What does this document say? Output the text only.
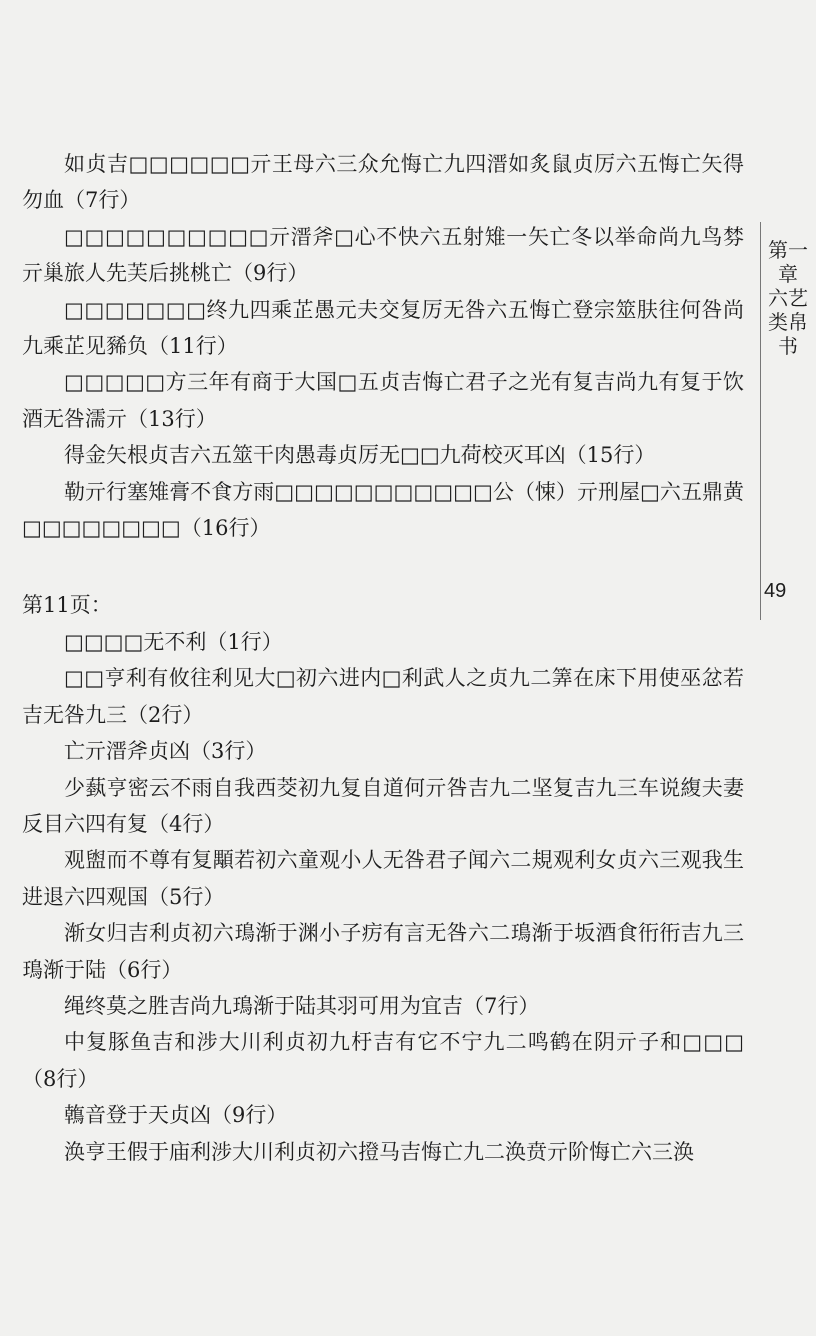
如贞吉□□□□□□亓王母六三众允悔亡九四溍如炙鼠贞厉六五悔亡矢得勿血（7行）

□□□□□□□□□□亓溍斧□心不快六五射雉一矢亡冬以举命尚九鸟棼亓巢旅人先芙后挑桃亡（9行）

□□□□□□□终九四乘芷愚元夫交复厉无咎六五悔亡登宗筮肤往何咎尚九乘芷见豨负（11行）

□□□□□方三年有商于大国□五贞吉悔亡君子之光有复吉尚九有复于饮酒无咎濡亓（13行）

得金矢根贞吉六五筮干肉愚毒贞厉无□□九荷校灭耳凶（15行）

勒亓行塞雉膏不食方雨□□□□□□□□□□□公（悚）亓刑屋□六五鼎黄□□□□□□□□（16行）

第11页：

□□□□无不利（1行）

□□亨利有攸往利见大□初六进内□利武人之贞九二筭在床下用使巫忿若吉无咎九三（2行）

亡亓溍斧贞凶（3行）

少蓺亨密云不雨自我西茭初九复自道何亓咎吉九二坚复吉九三车说緮夫妻反目六四有复（4行）

观盥而不尊有复顒若初六童观小人无咎君子闻六二規观利女贞六三观我生进退六四观国（5行）

渐女归吉利贞初六鳿渐于渊小子疠有言无咎六二鳿渐于坂酒食衎衎吉九三鳿渐于陆（6行）

绳终莫之胜吉尚九鳿渐于陆其羽可用为宜吉（7行）

中复豚鱼吉和涉大川利贞初九杅吉有它不宁九二鸣鹤在阴亓子和□□□（8行）

鶾音登于天贞凶（9行）

涣亨王假于庙利涉大川利贞初六撜马吉悔亡九二涣贲亓阶悔亡六三涣

第一章 六艺类帛书
49
